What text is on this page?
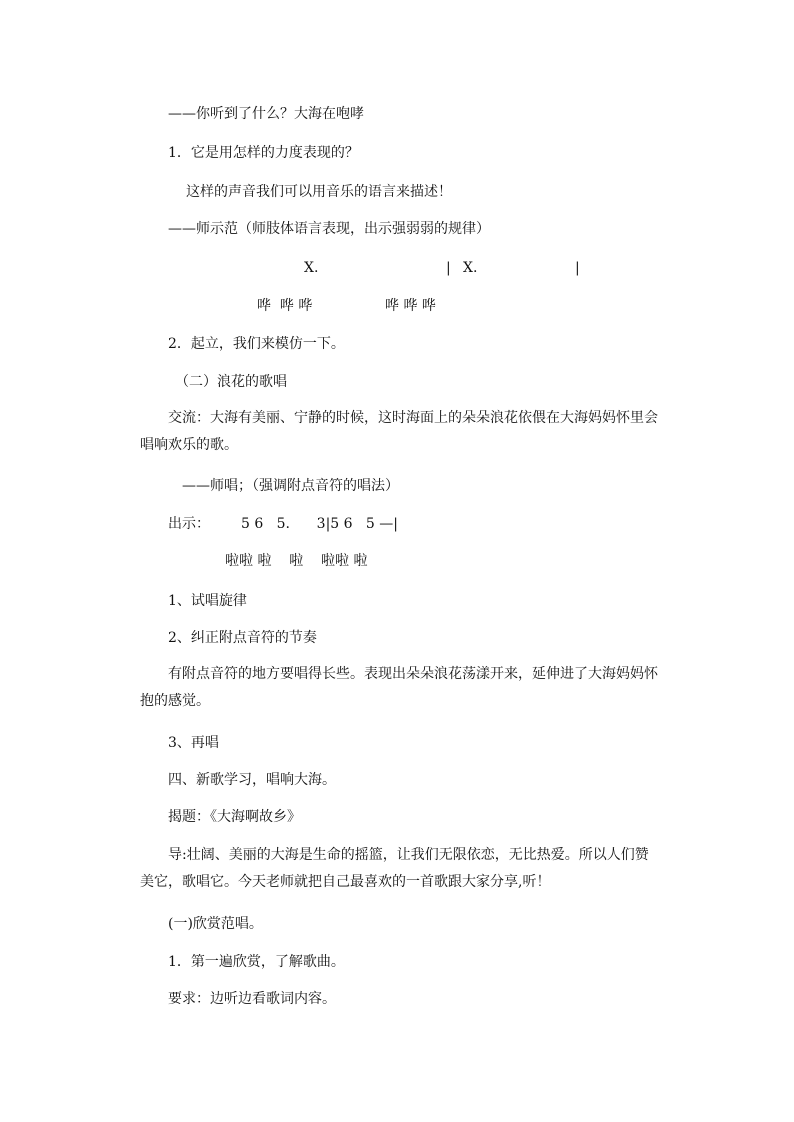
——你听到了什么？大海在咆哮
1．它是用怎样的力度表现的？
这样的声音我们可以用音乐的语言来描述！
——师示范（师肢体语言表现，出示强弱弱的规律）
X.	| X.	|
哗  哗 哗	哗 哗 哗
2．起立，我们来模仿一下。
（二）浪花的歌唱
交流：大海有美丽、宁静的时候，这时海面上的朵朵浪花依偎在大海妈妈怀里会唱响欢乐的歌。
——师唱；（强调附点音符的唱法）
出示： 5 6   5.      3|5 6   5 —|
啦啦 啦    啦    啦啦 啦
1、试唱旋律
2、纠正附点音符的节奏
有附点音符的地方要唱得长些。表现出朵朵浪花荡漾开来，延伸进了大海妈妈怀抱的感觉。
3、再唱
四、新歌学习，唱响大海。
揭题：《大海啊故乡》
导:壮阔、美丽的大海是生命的摇篮，让我们无限依恋，无比热爱。所以人们赞美它，歌唱它。今天老师就把自己最喜欢的一首歌跟大家分享,听！
(一)欣赏范唱。
1．第一遍欣赏，了解歌曲。
要求：边听边看歌词内容。
